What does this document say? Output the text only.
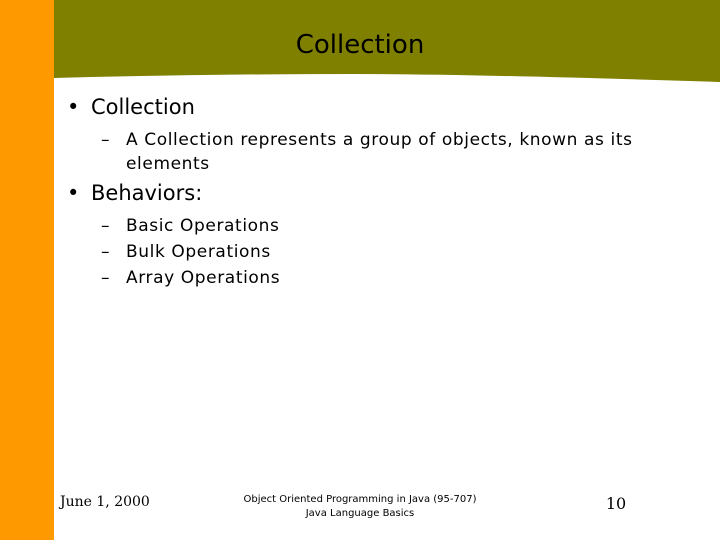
Collection
• Collection
– A Collection represents a group of objects, known as its elements
• Behaviors:
– Basic Operations
– Bulk Operations
– Array Operations
June 1, 2000	Object Oriented Programming in Java (95-707)
Java Language Basics
10
